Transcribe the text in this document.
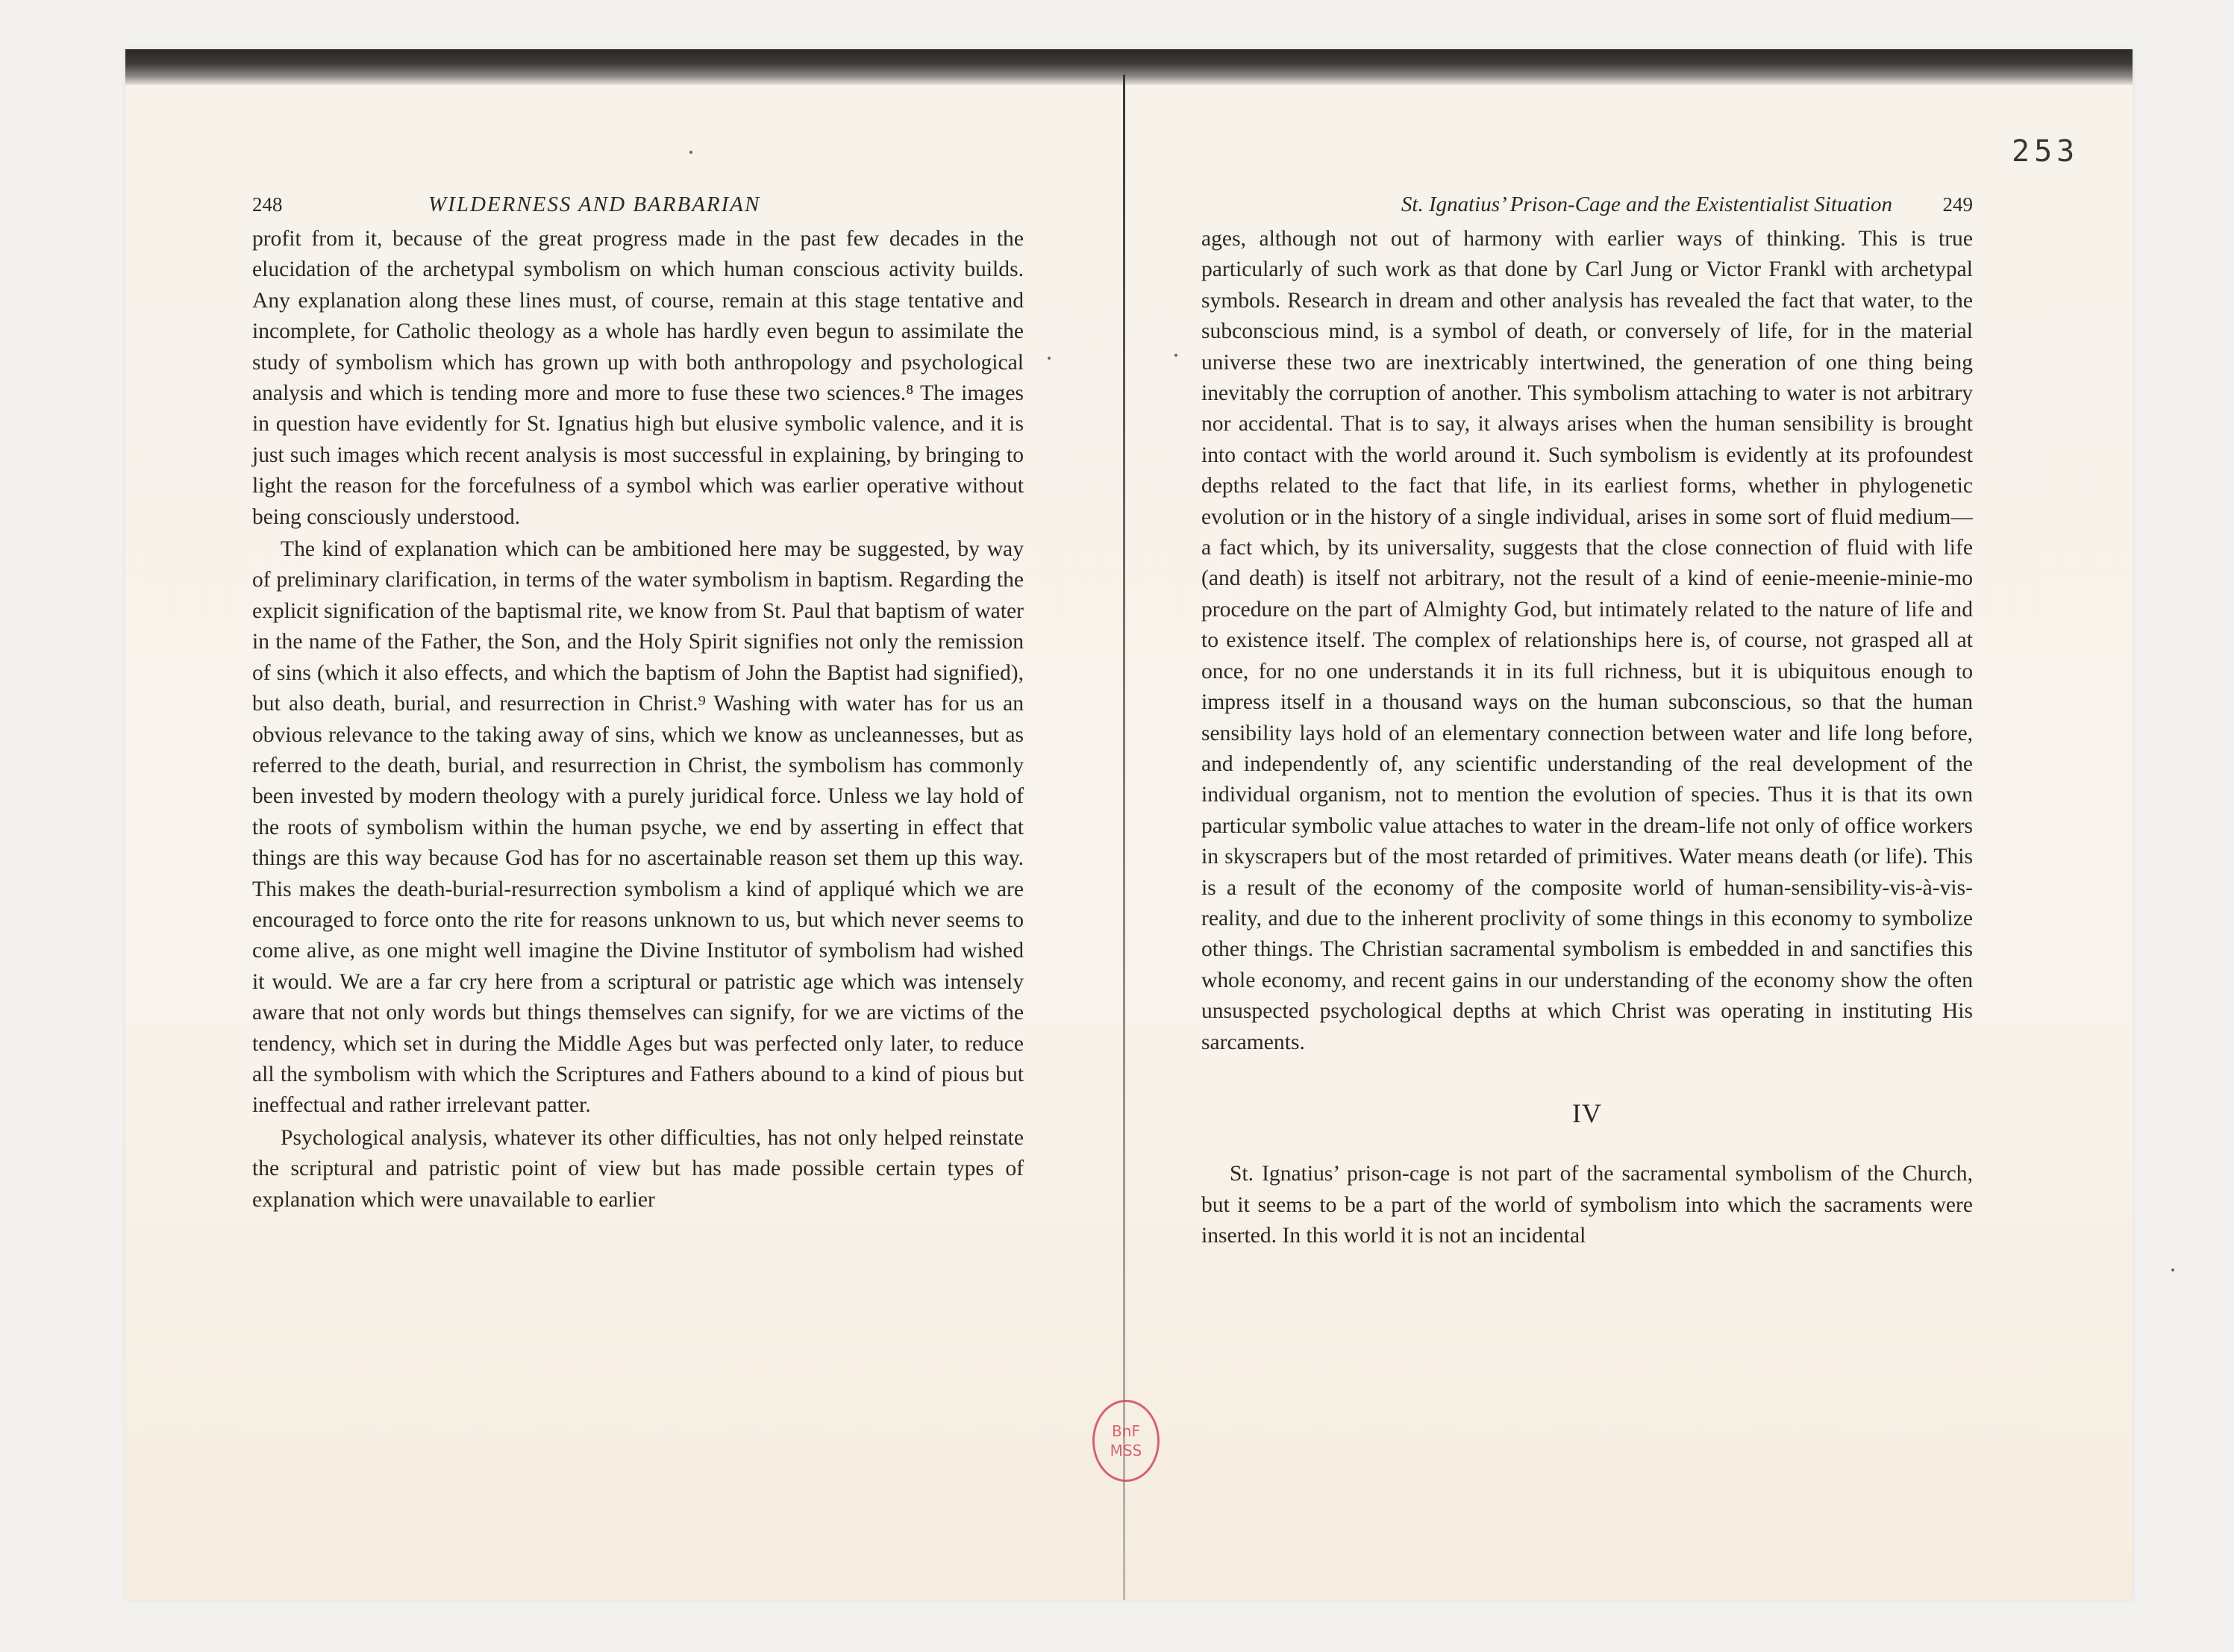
253
248	WILDERNESS AND BARBARIAN

profit from it, because of the great progress made in the past few decades in the elucidation of the archetypal symbolism on which human conscious activity builds. Any explanation along these lines must, of course, remain at this stage tentative and incomplete, for Catholic theology as a whole has hardly even begun to assimilate the study of symbolism which has grown up with both anthropology and psychological analysis and which is tending more and more to fuse these two sciences.⁸ The images in question have evidently for St. Ignatius high but elusive symbolic valence, and it is just such images which recent analysis is most successful in explaining, by bringing to light the reason for the forcefulness of a symbol which was earlier operative without being consciously understood.

The kind of explanation which can be ambitioned here may be suggested, by way of preliminary clarification, in terms of the water symbolism in baptism. Regarding the explicit signification of the baptismal rite, we know from St. Paul that baptism of water in the name of the Father, the Son, and the Holy Spirit signifies not only the remission of sins (which it also effects, and which the baptism of John the Baptist had signified), but also death, burial, and resurrection in Christ.⁹ Washing with water has for us an obvious relevance to the taking away of sins, which we know as uncleannesses, but as referred to the death, burial, and resurrection in Christ, the symbolism has commonly been invested by modern theology with a purely juridical force. Unless we lay hold of the roots of symbolism within the human psyche, we end by asserting in effect that things are this way because God has for no ascertainable reason set them up this way. This makes the death-burial-resurrection symbolism a kind of appliqué which we are encouraged to force onto the rite for reasons unknown to us, but which never seems to come alive, as one might well imagine the Divine Institutor of symbolism had wished it would. We are a far cry here from a scriptural or patristic age which was intensely aware that not only words but things themselves can signify, for we are victims of the tendency, which set in during the Middle Ages but was perfected only later, to reduce all the symbolism with which the Scriptures and Fathers abound to a kind of pious but ineffectual and rather irrelevant patter.

Psychological analysis, whatever its other difficulties, has not only helped reinstate the scriptural and patristic point of view but has made possible certain types of explanation which were unavailable to earlier

St. Ignatius’ Prison-Cage and the Existentialist Situation	249

ages, although not out of harmony with earlier ways of thinking. This is true particularly of such work as that done by Carl Jung or Victor Frankl with archetypal symbols. Research in dream and other analysis has revealed the fact that water, to the subconscious mind, is a symbol of death, or conversely of life, for in the material universe these two are inextricably intertwined, the generation of one thing being inevitably the corruption of another. This symbolism attaching to water is not arbitrary nor accidental. That is to say, it always arises when the human sensibility is brought into contact with the world around it. Such symbolism is evidently at its profoundest depths related to the fact that life, in its earliest forms, whether in phylogenetic evolution or in the history of a single individual, arises in some sort of fluid medium—a fact which, by its universality, suggests that the close connection of fluid with life (and death) is itself not arbitrary, not the result of a kind of eenie-meenie-minie-mo procedure on the part of Almighty God, but intimately related to the nature of life and to existence itself. The complex of relationships here is, of course, not grasped all at once, for no one understands it in its full richness, but it is ubiquitous enough to impress itself in a thousand ways on the human subconscious, so that the human sensibility lays hold of an elementary connection between water and life long before, and independently of, any scientific understanding of the real development of the individual organism, not to mention the evolution of species. Thus it is that its own particular symbolic value attaches to water in the dream-life not only of office workers in skyscrapers but of the most retarded of primitives. Water means death (or life). This is a result of the economy of the composite world of human-sensibility-vis-à-vis-reality, and due to the inherent proclivity of some things in this economy to symbolize other things. The Christian sacramental symbolism is embedded in and sanctifies this whole economy, and recent gains in our understanding of the economy show the often unsuspected psychological depths at which Christ was operating in instituting His sarcaments.

IV

St. Ignatius’ prison-cage is not part of the sacramental symbolism of the Church, but it seems to be a part of the world of symbolism into which the sacraments were inserted. In this world it is not an incidental

BnF
MSS
